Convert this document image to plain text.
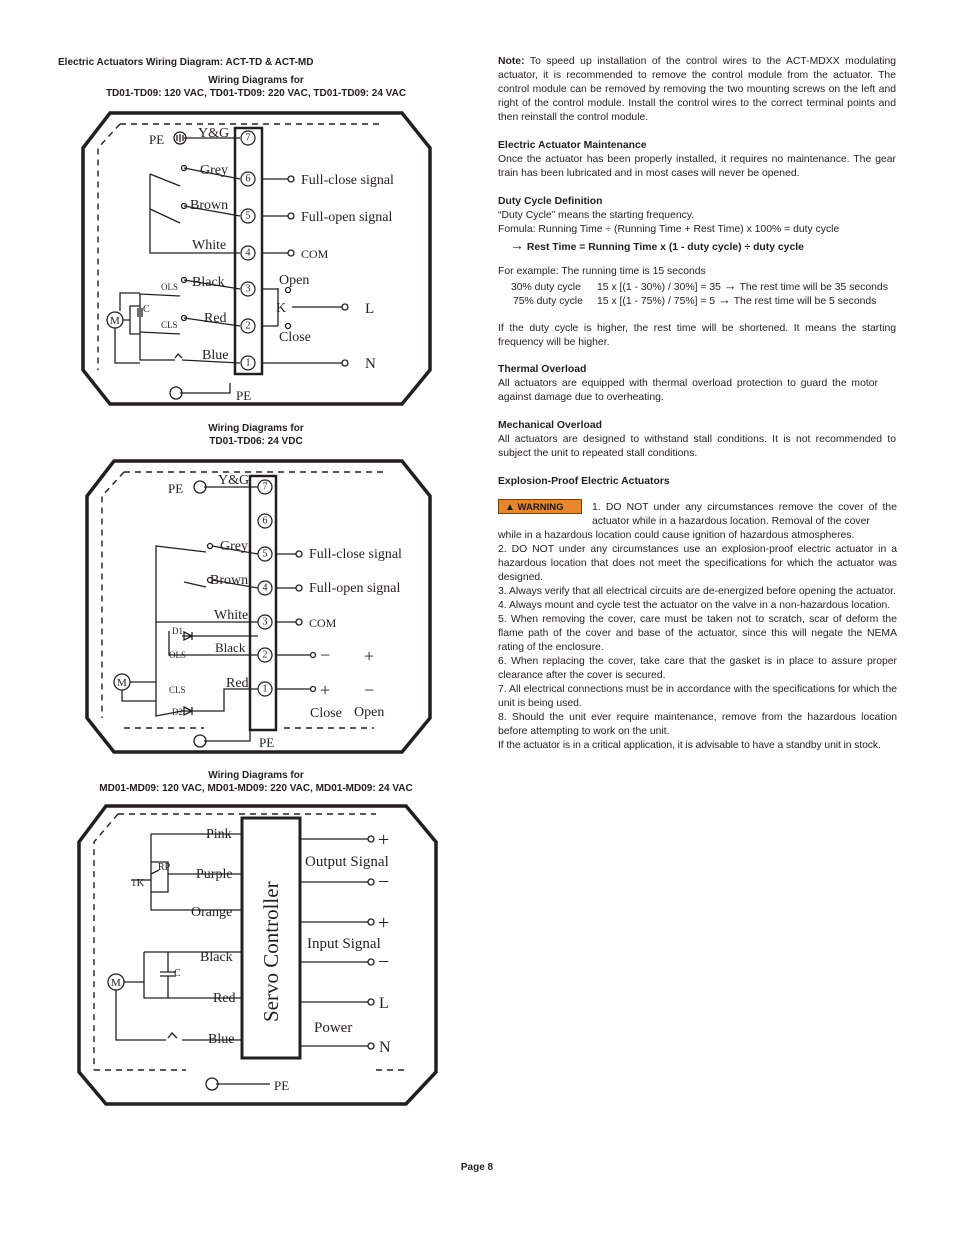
Electric Actuators Wiring Diagram: ACT-TD & ACT-MD
Wiring Diagrams for
TD01-TD09: 120 VAC, TD01-TD09: 220 VAC, TD01-TD09: 24 VAC
7
6
5
4
3
2
1
PE Y&G
Grey
Brown
White
Black
Red
Blue
OLS
CLS
C
M
Full-close signal
Full-open signal
COM
Open
K
Close
L
N
PE
Wiring Diagrams for
TD01-TD06: 24 VDC
7
6
5
4
3
2
1
PE
Y&G
Grey
Brown
White
Black
Red
D1
D2
OLS
CLS
M
Full-close signal
Full-open signal
COM
− +
+ −
Close Open
PE
Wiring Diagrams for
MD01-MD09: 120 VAC, MD01-MD09: 220 VAC, MD01-MD09: 24 VAC
Servo Controller
Pink
Purple
Orange
Black
Red
Blue
RP
1K
C
M
Output Signal
Input Signal
Power
+
−
+
−
L
N
PE
Note: To speed up installation of the control wires to the ACT-MDXX modulating actuator, it is recommended to remove the control module from the actuator. The control module can be removed by removing the two mounting screws on the left and right of the control module. Install the control wires to the correct terminal points and then reinstall the control module.
Electric Actuator Maintenance
Once the actuator has been properly installed, it requires no maintenance. The gear train has been lubricated and in most cases will never be opened.
Duty Cycle Definition
“Duty Cycle” means the starting frequency.
Fomula: Running Time ÷ (Running Time + Rest Time) x 100% = duty cycle
→ Rest Time = Running Time x (1 - duty cycle) ÷ duty cycle
For example: The running time is 15 seconds
30% duty cycle 15 x [(1 - 30%) / 30%] = 35 → The rest time will be 35 seconds
75% duty cycle 15 x [(1 - 75%) / 75%] = 5 → The rest time will be 5 seconds
If the duty cycle is higher, the rest time will be shortened. It means the starting frequency will be higher.
Thermal Overload
All actuators are equipped with thermal overload protection to guard the motor against damage due to overheating.
Mechanical Overload
All actuators are designed to withstand stall conditions. It is not recommended to subject the unit to repeated stall conditions.
Explosion-Proof Electric Actuators
▲ WARNING	1. DO NOT under any circumstances remove the cover of the actuator while in a hazardous location. Removal of the cover
while in a hazardous location could cause ignition of hazardous atmospheres.
2. DO NOT under any circumstances use an explosion-proof electric actuator in a hazardous location that does not meet the specifications for which the actuator was designed.
3. Always verify that all electrical circuits are de-energized before opening the actuator.
4. Always mount and cycle test the actuator on the valve in a non-hazardous location.
5. When removing the cover, care must be taken not to scratch, scar of deform the flame path of the cover and base of the actuator, since this will negate the NEMA rating of the enclosure.
6. When replacing the cover, take care that the gasket is in place to assure proper clearance after the cover is secured.
7. All electrical connections must be in accordance with the specifications for which the unit is being used.
8. Should the unit ever require maintenance, remove from the hazardous location before attempting to work on the unit.
If the actuator is in a critical application, it is advisable to have a standby unit in stock.
Page 8
